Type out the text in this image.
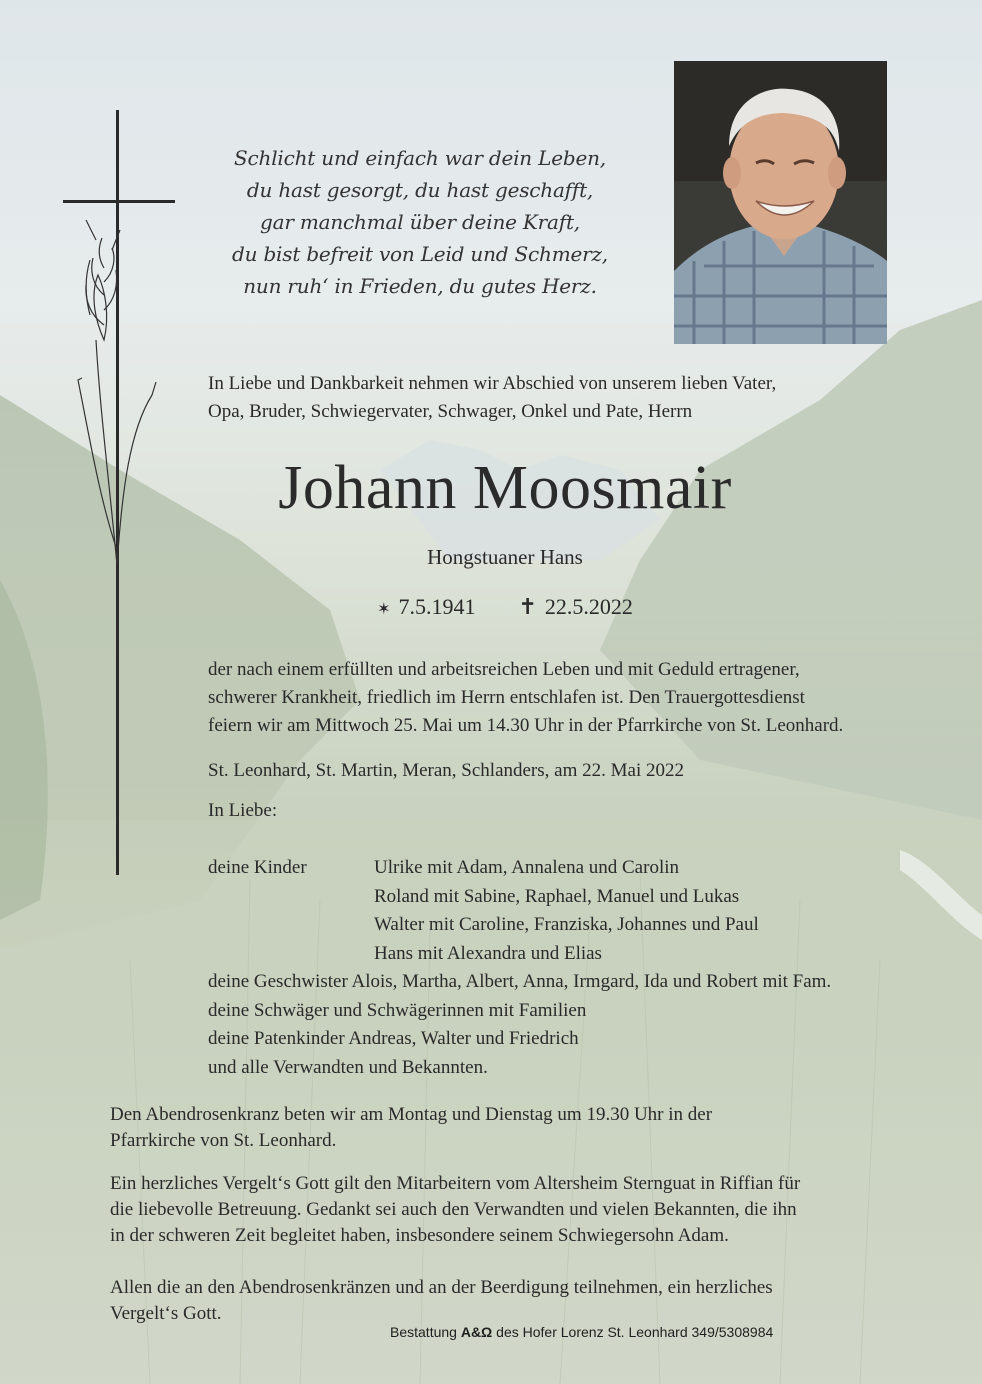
Schlicht und einfach war dein Leben,
du hast gesorgt, du hast geschafft,
gar manchmal über deine Kraft,
du bist befreit von Leid und Schmerz,
nun ruh‘ in Frieden, du gutes Herz.
In Liebe und Dankbarkeit nehmen wir Abschied von unserem lieben Vater,
Opa, Bruder, Schwiegervater, Schwager, Onkel und Pate, Herrn
Johann Moosmair
Hongstuaner Hans
✶ 7.5.1941 ✝ 22.5.2022
der nach einem erfüllten und arbeitsreichen Leben und mit Geduld ertragener,
schwerer Krankheit, friedlich im Herrn entschlafen ist. Den Trauergottesdienst
feiern wir am Mittwoch 25. Mai um 14.30 Uhr in der Pfarrkirche von St. Leonhard.
St. Leonhard, St. Martin, Meran, Schlanders, am 22. Mai 2022
In Liebe:
deine Kinder	Ulrike mit Adam, Annalena und Carolin
Roland mit Sabine, Raphael, Manuel und Lukas
Walter mit Caroline, Franziska, Johannes und Paul
Hans mit Alexandra und Elias
deine Geschwister Alois, Martha, Albert, Anna, Irmgard, Ida und Robert mit Fam.
deine Schwäger und Schwägerinnen mit Familien
deine Patenkinder Andreas, Walter und Friedrich
und alle Verwandten und Bekannten.
Den Abendrosenkranz beten wir am Montag und Dienstag um 19.30 Uhr in der
Pfarrkirche von St. Leonhard.
Ein herzliches Vergelt‘s Gott gilt den Mitarbeitern vom Altersheim Sternguat in Riffian für
die liebevolle Betreuung. Gedankt sei auch den Verwandten und vielen Bekannten, die ihn
in der schweren Zeit begleitet haben, insbesondere seinem Schwiegersohn Adam.
Allen die an den Abendrosenkränzen und an der Beerdigung teilnehmen, ein herzliches
Vergelt‘s Gott.
Bestattung A&Ω des Hofer Lorenz St. Leonhard 349/5308984
